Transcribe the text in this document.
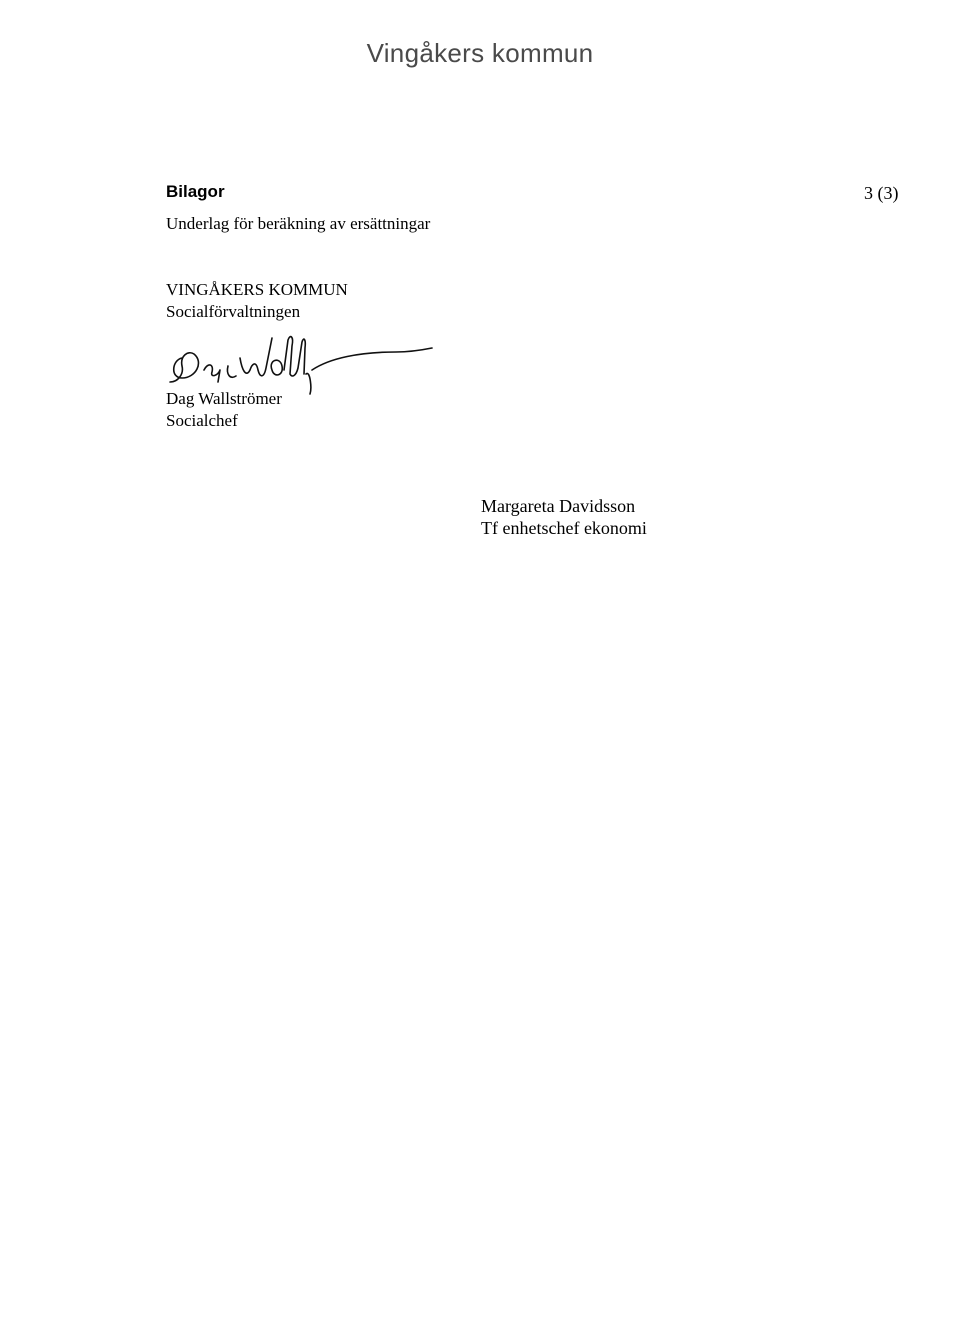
Vingåkers kommun
Bilagor	3 (3)
Underlag för beräkning av ersättningar
VINGÅKERS KOMMUN
Socialförvaltningen
Dag Wallströmer
Socialchef
Margareta Davidsson
Tf enhetschef ekonomi
